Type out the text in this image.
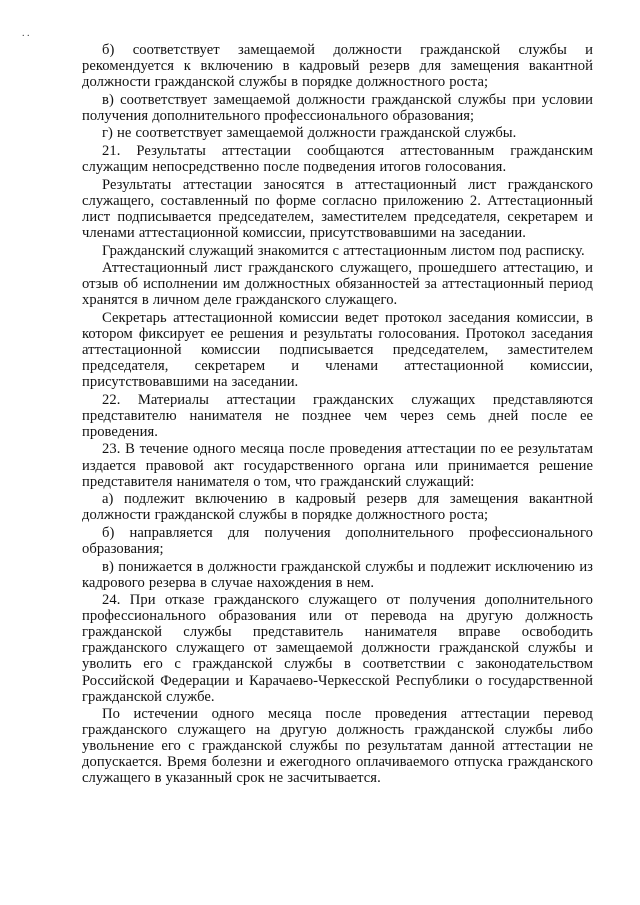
. .

б) соответствует замещаемой должности гражданской службы и рекомендуется к включению в кадровый резерв для замещения вакантной должности гражданской службы в порядке должностного роста;

в) соответствует замещаемой должности гражданской службы при условии получения дополнительного профессионального образования;

г) не соответствует замещаемой должности гражданской службы.

21. Результаты аттестации сообщаются аттестованным гражданским служащим непосредственно после подведения итогов голосования.

Результаты аттестации заносятся в аттестационный лист гражданского служащего, составленный по форме согласно приложению 2. Аттестационный лист подписывается председателем, заместителем председателя, секретарем и членами аттестационной комиссии, присутствовавшими на заседании.

Гражданский служащий знакомится с аттестационным листом под расписку.

Аттестационный лист гражданского служащего, прошедшего аттестацию, и отзыв об исполнении им должностных обязанностей за аттестационный период хранятся в личном деле гражданского служащего.

Секретарь аттестационной комиссии ведет протокол заседания комиссии, в котором фиксирует ее решения и результаты голосования. Протокол заседания аттестационной комиссии подписывается председателем, заместителем председателя, секретарем и членами аттестационной комиссии, присутствовавшими на заседании.

22. Материалы аттестации гражданских служащих представляются представителю нанимателя не позднее чем через семь дней после ее проведения.

23. В течение одного месяца после проведения аттестации по ее результатам издается правовой акт государственного органа или принимается решение представителя нанимателя о том, что гражданский служащий:

а) подлежит включению в кадровый резерв для замещения вакантной должности гражданской службы в порядке должностного роста;

б) направляется для получения дополнительного профессионального образования;

в) понижается в должности гражданской службы и подлежит исключению из кадрового резерва в случае нахождения в нем.

24. При отказе гражданского служащего от получения дополнительного профессионального образования или от перевода на другую должность гражданской службы представитель нанимателя вправе освободить гражданского служащего от замещаемой должности гражданской службы и уволить его с гражданской службы в соответствии с законодательством Российской Федерации и Карачаево-Черкесской Республики о государственной гражданской службе.

По истечении одного месяца после проведения аттестации перевод гражданского служащего на другую должность гражданской службы либо увольнение его с гражданской службы по результатам данной аттестации не допускается. Время болезни и ежегодного оплачиваемого отпуска гражданского служащего в указанный срок не засчитывается.
